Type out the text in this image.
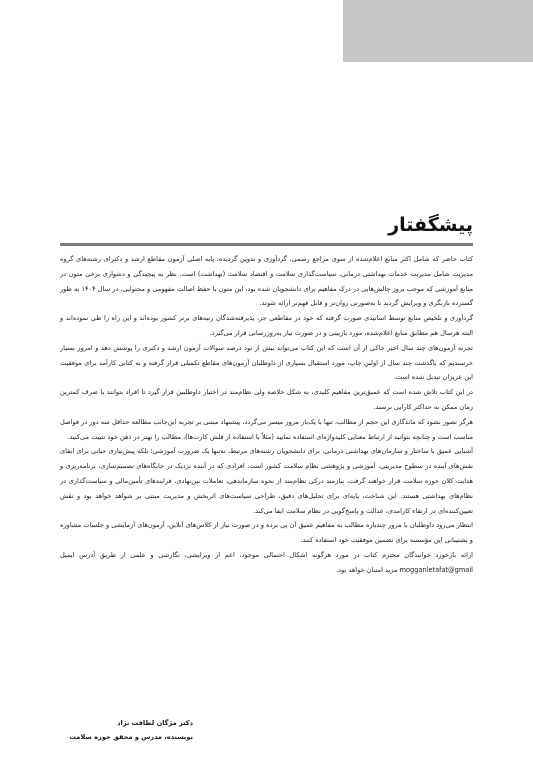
پیشگفتار

کتاب حاضر که شامل اکثر منابع اعلام‌شده از سوی مراجع رسمی، گردآوری و تدوین گردیده، پایه اصلی آزمون مقاطع ارشد و دکترای رشته‌های گروه مدیریت شامل مدیریت خدمات بهداشتی درمانی، سیاست‌گذاری سلامت و اقتصاد سلامت (بهداشت) است. نظر به پیچیدگی و دشواری برخی متون در منابع آموزشی که موجب بروز چالش‌هایی در درک مفاهیم برای دانشجویان شده بود، این متون با حفظ اصالت مفهومی و محتوایی، در سال ۱۴۰۴ به طور گسترده بازنگری و ویرایش گردید تا به‌صورتی روان‌تر و قابل فهم‌تر ارائه شوند.

گردآوری و تلخیص منابع توسط اساتیدی صورت گرفته که خود در مقاطعی جز، پذیرفته‌شدگان رتبه‌های برتر کشور بوده‌اند و این راه را طی نموده‌اند و البته هرسال هم مطابق منابع اعلام‌شده، مورد بازبینی و در صورت نیاز به‌روزرسانی قرار می‌گیرد.

تجربه آزمون‌های چند سال اخیر حاکی از آن است که این کتاب می‌تواند بیش از نود درصد سوالات آزمون ارشد و دکتری را پوشش دهد و امروز بسیار خرسندیم که باگذشت چند سال از اولین چاپ، مورد استقبال بسیاری از داوطلبان آزمون‌های مقاطع تکمیلی قرار گرفته و به کتابی کارآمد برای موفقیت این عزیزان تبدیل شده است.

در این کتاب تلاش شده است که عمیق‌ترین مفاهیم کلیدی، به شکل خلاصه ولی نظام‌مند در اختیار داوطلبین قرار گیرد تا افراد بتوانند با صرف کمترین زمان ممکن به حداکثر کارایی برسند.

هرگز تصور نشود که ماندگاری این حجم از مطالب، تنها با یک‌بار مرور میسر می‌گردد، پیشنهاد مبتنی بر تجربه این‌جانب مطالعه حداقل سه دور در فواصل مناسب است و چنانچه بتوانید از ارتباط معنایی کلیدواژه‌ای استفاده نمایید (مثلاً با استفاده از فلش کارت‌ها)، مطالب را بهتر در ذهن خود تثبیت می‌کنید.

آشنایی عمیق با ساختار و سازمان‌های بهداشتی درمانی، برای دانشجویان رشته‌های مرتبط، نه‌تنها یک ضرورت آموزشی؛ بلکه پیش‌نیازی حیاتی برای ایفای نقش‌های آینده در سطوح مدیریتی، آموزشی و پژوهشی نظام سلامت کشور است. افرادی که در آینده نزدیک در جایگاه‌های تصمیم‌سازی، برنامه‌ریزی و هدایت کلان حوزه سلامت قرار خواهند گرفت، نیازمند درکی نظام‌مند از نحوه سازماندهی، تعاملات بین‌نهادی، فرایندهای تأمین‌مالی و سیاست‌گذاری در نظام‌های بهداشتی هستند. این شناخت، پایه‌ای برای تحلیل‌های دقیق، طراحی سیاست‌های اثربخش و مدیریت مبتنی بر شواهد خواهد بود و نقش تعیین‌کننده‌ای در ارتقاء کارامدی، عدالت و پاسخ‌گویی در نظام سلامت ایفا می‌کند.

انتظار می‌رود داوطلبان با مرور چندباره مطالب به مفاهیم عمیق آن پی برده و در صورت نیاز از کلاس‌های آنلاین، آزمون‌های آزمایشی و جلسات مشاوره و پشتیبانی این مؤسسه برای تضمین موفقیت خود استفاده کنند.

ارائه بازخورد خوانندگان محترم کتاب در مورد هرگونه اشکال احتمالی موجود، اعم از ویرایشی، نگارشی و علمی از طریق آدرس ایمیل mogganletafat@gmail مزید امتنان خواهد بود.

دکتر مژگان لطافت نژاد
نویسنده، مدرس و محقق حوزه سلامت
